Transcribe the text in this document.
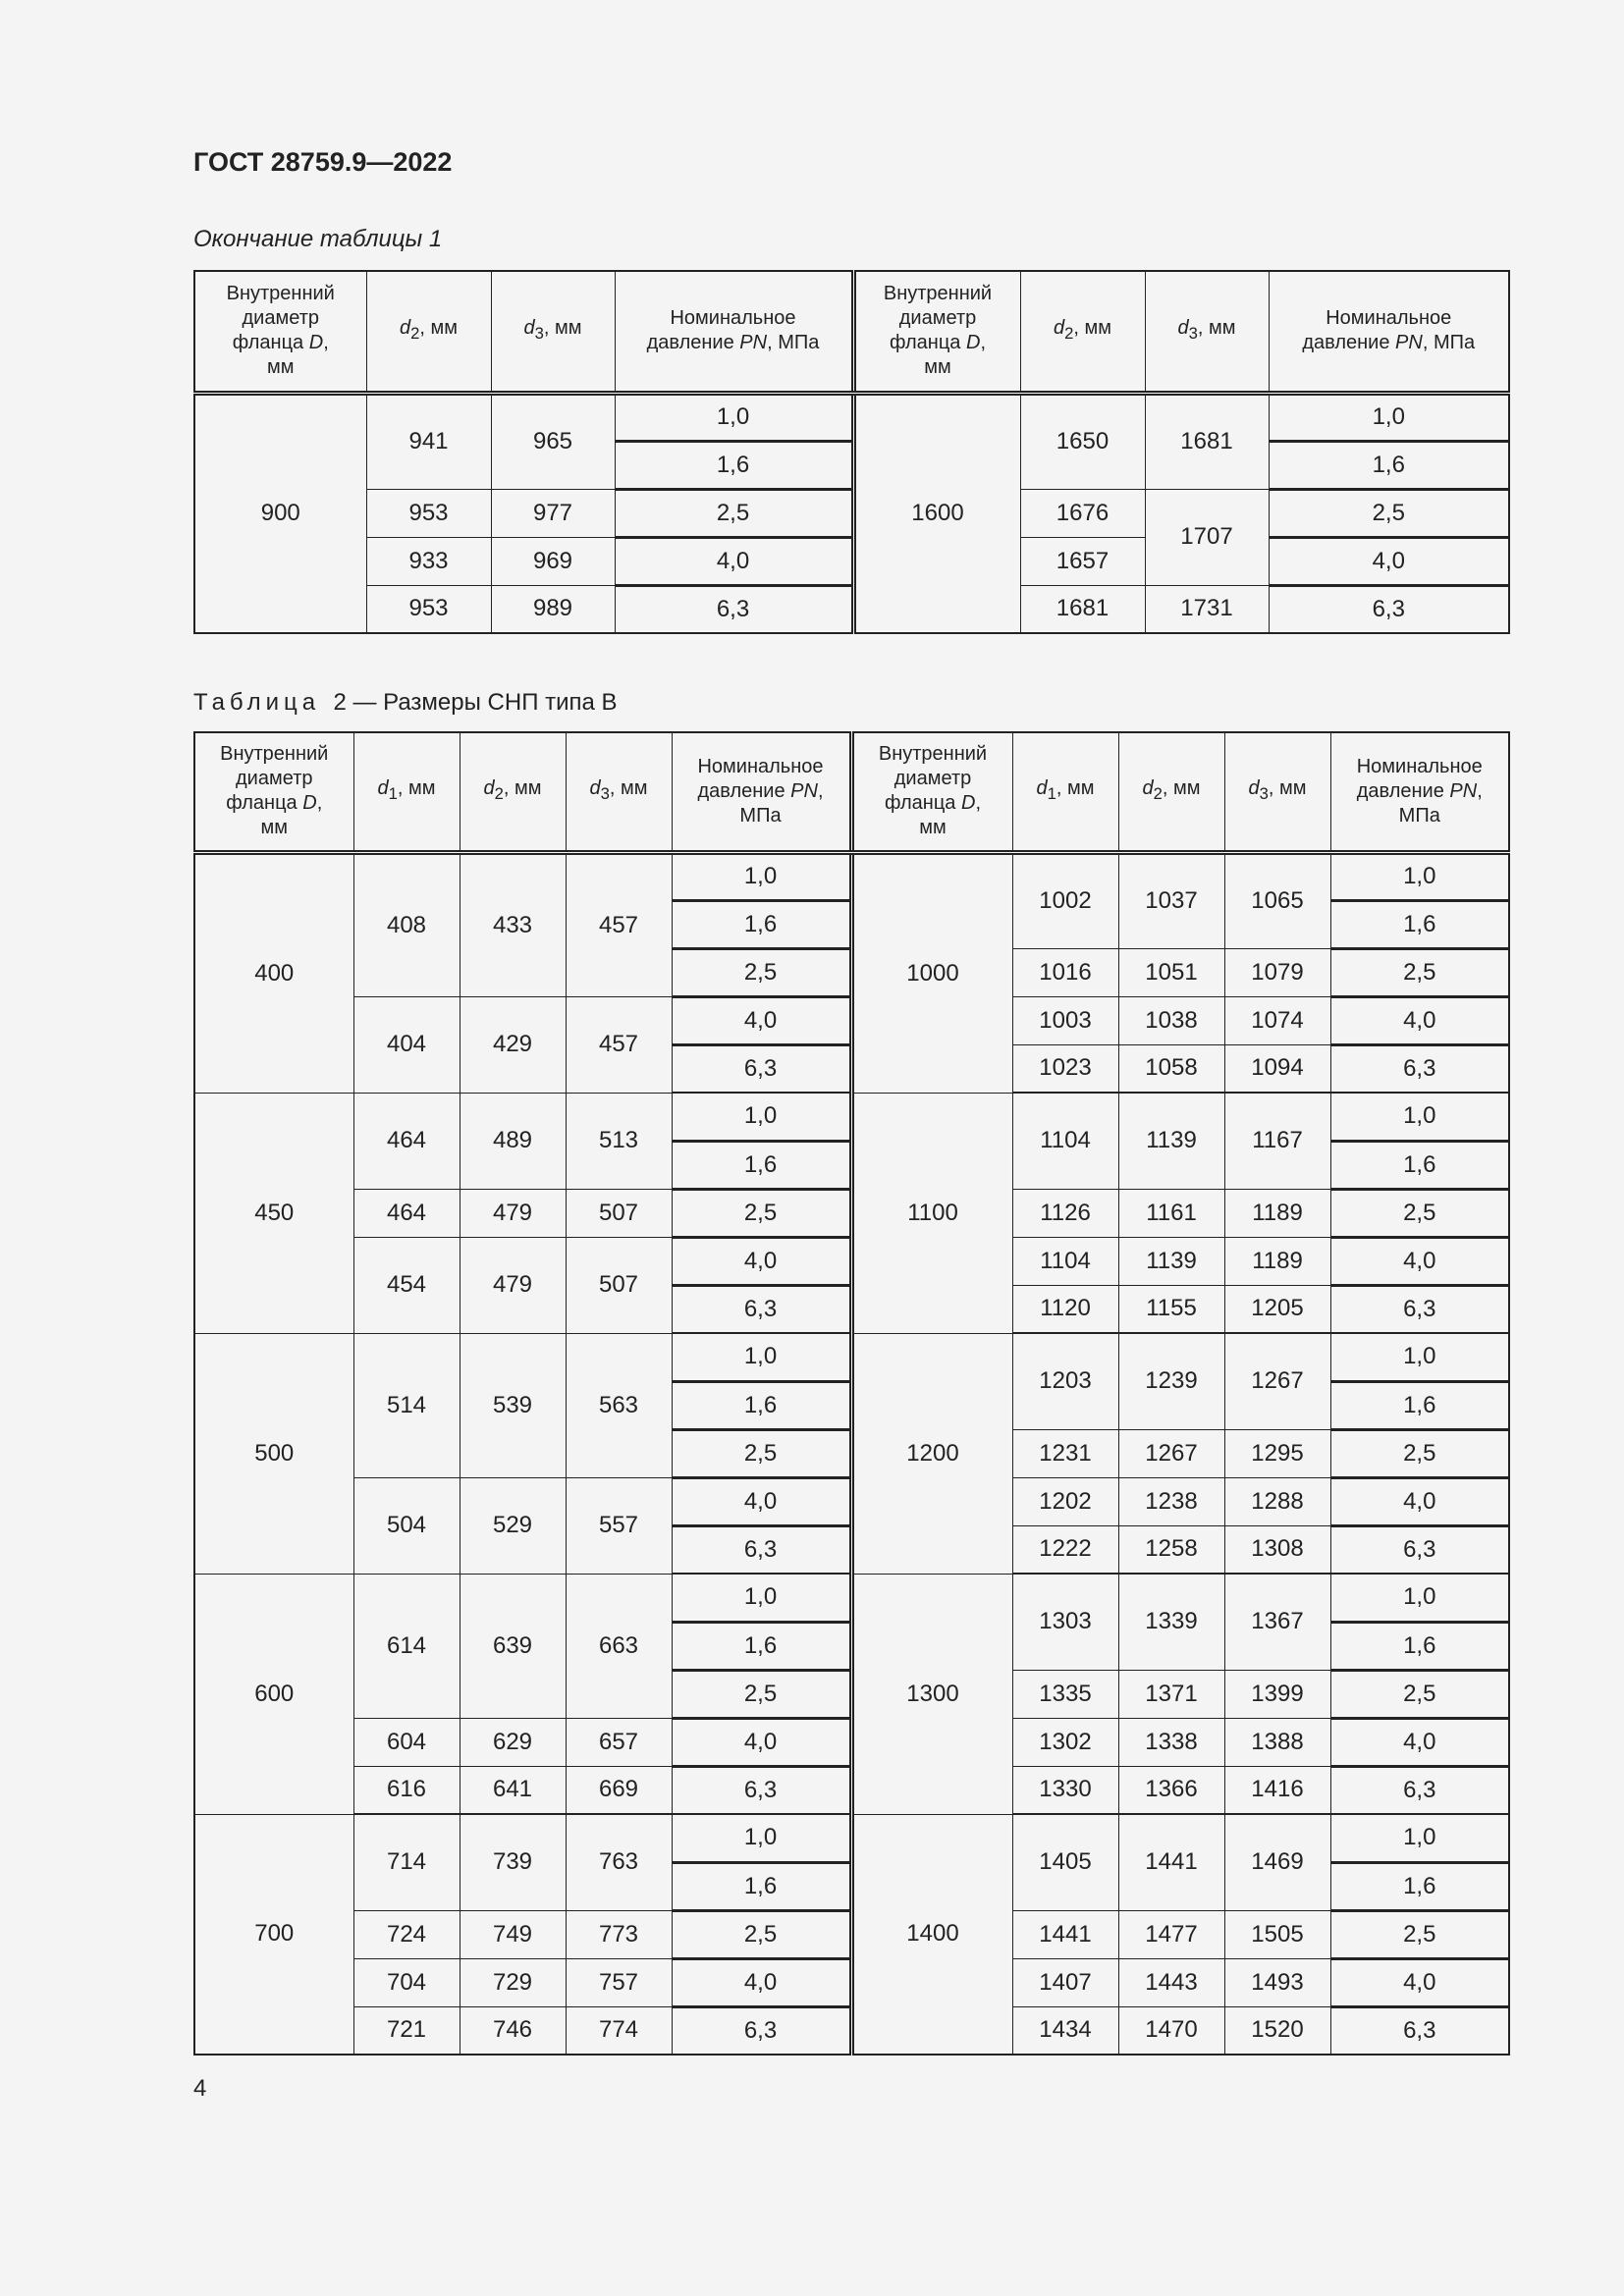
ГОСТ 28759.9—2022
Окончание таблицы 1
Внутренний
диаметр
фланца D,
мм	$d_2$, мм	$d_3$, мм	Номинальное
давление PN, МПа	Внутренний
диаметр
фланца D,
мм	$d_2$, мм	$d_3$, мм	Номинальное
давление PN, МПа
900	941	965	1,0	1600	1650	1681	1,0
			1,6				1,6
	953	977	2,5		1676	1707	2,5
	933	969	4,0		1657		4,0
	953	989	6,3		1681	1731	6,3
Таблица 2 — Размеры СНП типа В
Внутренний
диаметр
фланца D,
мм	$d_1$, мм	$d_2$, мм	$d_3$, мм	Номинальное
давление PN,
МПа	Внутренний
диаметр
фланца D,
мм	$d_1$, мм	$d_2$, мм	$d_3$, мм	Номинальное
давление PN,
МПа
400	408	433	457	1,0	1000	1002	1037	1065	1,0
				1,6					1,6
				2,5		1016	1051	1079	2,5
	404	429	457	4,0		1003	1038	1074	4,0
				6,3		1023	1058	1094	6,3
450	464	489	513	1,0	1100	1104	1139	1167	1,0
				1,6					1,6
	464	479	507	2,5		1126	1161	1189	2,5
	454	479	507	4,0		1104	1139	1189	4,0
				6,3		1120	1155	1205	6,3
500	514	539	563	1,0	1200	1203	1239	1267	1,0
				1,6					1,6
				2,5		1231	1267	1295	2,5
	504	529	557	4,0		1202	1238	1288	4,0
				6,3		1222	1258	1308	6,3
600	614	639	663	1,0	1300	1303	1339	1367	1,0
				1,6					1,6
				2,5		1335	1371	1399	2,5
	604	629	657	4,0		1302	1338	1388	4,0
	616	641	669	6,3		1330	1366	1416	6,3
700	714	739	763	1,0	1400	1405	1441	1469	1,0
				1,6					1,6
	724	749	773	2,5		1441	1477	1505	2,5
	704	729	757	4,0		1407	1443	1493	4,0
	721	746	774	6,3		1434	1470	1520	6,3
4
